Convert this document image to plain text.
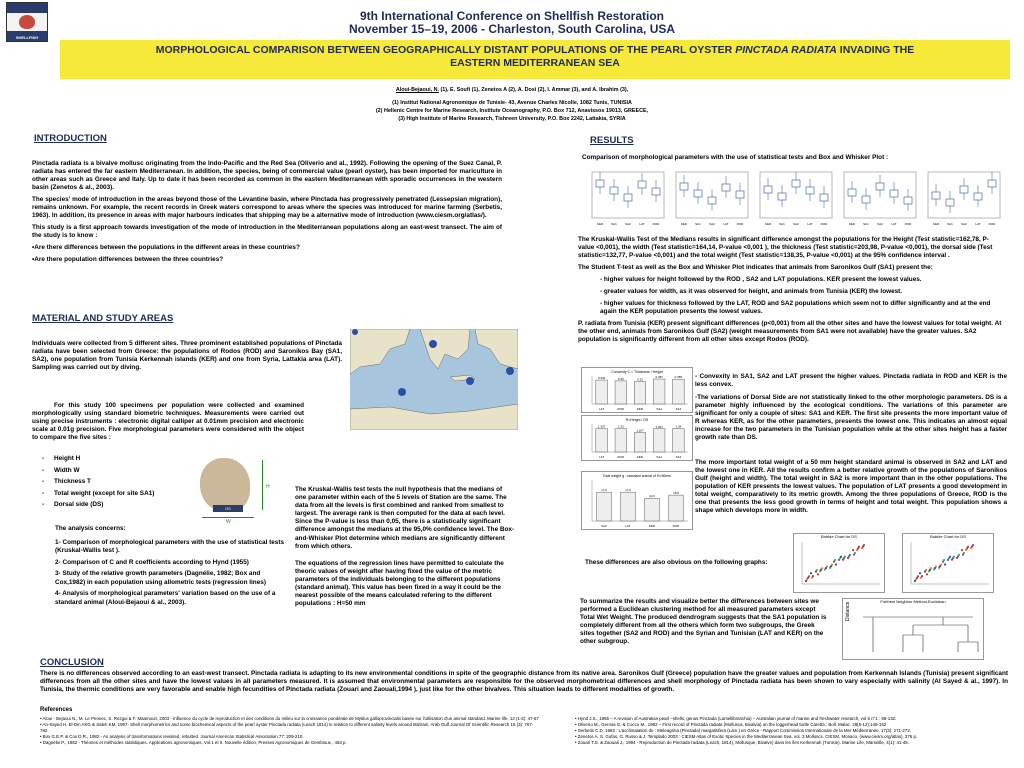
SHELLFISH
9th International Conference on Shellfish Restoration
November 15–19, 2006 - Charleston, South Carolina, USA
MORPHOLOGICAL COMPARISON BETWEEN GEOGRAPHICALLY DISTANT POPULATIONS OF THE PEARL OYSTER PINCTADA RADIATA INVADING THE
EASTERN MEDITERRANEAN SEA
Aloui-Bejaoui, N. (1), E. Soufi (1), Zenetos A (2), A. Dosi (2), I. Ammar (3), and A. Ibrahim (3),
(1) Institut National Agronomique de Tunisie- 43, Avenue Charles Nicolle, 1082 Tunis, TUNISIA
(2) Hellenic Centre for Marine Research, Institute Oceanography, P.O. Box 712, Anavissos 19013, GREECE,
(3) High Institute of Marine Research, Tishreen University, P.O. Box 2242, Lattakia, SYRIA
INTRODUCTION

Pinctada radiata is a bivalve mollusc originating from the Indo-Pacific and the Red Sea (Oliverio and al., 1992). Following the opening of the Suez Canal, P. radiata has entered the far eastern Mediterranean. In addition, the species, being of commercial value (pearl oyster), has been imported for mariculture in other areas such as Greece and Italy. Up to date it has been recorded as common in the eastern Mediterranean with sporadic occurrences in the western basin (Zenetos & al., 2003).

The species' mode of introduction in the areas beyond those of the Levantine basin, where Pinctada has progressively penetrated (Lessepsian migration), remains unknown. For example, the recent records in Greek waters correspond to areas where the species was introduced for marine farming (Serbetis, 1963). In addition, its presence in areas with major harbours indicates that shipping may be a alternative mode of introduction (www.ciesm.org/atlas/).

This study is a first approach towards investigation of the mode of introduction in the Mediterranean populations along an east-west transect. The aim of the study is to know :

•Are there differences between the populations in the different areas in these countries?

•Are there population differences between the three countries?

MATERIAL AND STUDY AREAS
Individuals were collected from 5 different sites. Three prominent established populations of Pinctada radiata have been selected from Greece: the populations of Rodos (ROD) and Saronikos Bay (SA1, SA2), one population from Tunisia Kerkennah islands (KER) and one from Syria, Lattakia area (LAT). Sampling was carried out by diving.
For this study 100 specimens per population were collected and examined morphologically using standard biometric techniques. Measurements were carried out using precise instruments : electronic digital calliper at 0.01mm precision and electronic scale at 0.01g precision. Five morphological parameters were considered with the object to compare the five sites :
- Height H
- Width W
- Thickness T
- Total weight (except for site SA1)
- Dorsal side (DS)
DS
H
W
The analysis concerns:
1- Comparison of morphological parameters with the use of statistical tests (Kruskal-Wallis test ).
2- Comparison of C and R coefficients according to Hynd (1955)
3- Study of the relative growth parameters (Dagnélie, 1982; Box and Cox,1982) in each population using allometric tests (regression lines)
4- Analysis of morphological parameters' variation based on the use of a standard animal (Aloui-Bejaoui & al., 2003).
The Kruskal-Wallis test tests the null hypothesis that the medians of one parameter within each of the 5 levels of Station are the same. The data from all the levels is first combined and ranked from smallest to largest. The average rank is then computed for the data at each level. Since the P-value is less than 0,05, there is a statistically significant difference amongst the medians at the 95,0% confidence level. The Box-and-Whisker Plot determine which medians are significantly different from which others.
The equations of the regression lines have permitted to calculate the theoric values of weight after having fixed the value of the metric parameters of the individuals belonging to the different populations (standard animal). This value has been fixed in a way it could be the nearest possible of the means calculated refering to the different populations : H=50 mm
RESULTS
Comparison of morphological parameters with the use of statistical tests and Box and Whisker Plot :
KER	SA1	SA2	LAT	ROD	KER	SA1	SA2	LAT	ROD	KER	SA1	SA2	LAT	ROD	KER	SA1	SA2	LAT	ROD	KER	SA1	SA2	LAT	ROD

The Kruskal-Wallis Test of the Medians results in significant difference amongst the populations for the Height (Test statistic=162,78, P-value <0,001), the width (Test statistic=164,14, P-value <0,001 ), the thickness (Test statistic=203,98, P-value <0,001), the dorsal side (Test statistic=132,77, P-value <0,001) and the total weight (Test statistic=138,35, P-value <0,001) at the 95% confidence interval .

The Student T-test as well as the Box and Whisker Plot indicates that animals from Saronikos Gulf (SA1) present the:

- higher values for height followed by the ROD , SA2 and LAT populations. KER present the lowest values.

- greater values for width, as it was observed for height, and animals from Tunisia (KER) the lowest.

- higher values for thickness followed by the LAT, ROD and SA2 populations which seem not to differ significantly and at the end again the KER population presents the lowest values.

P. radiata from Tunisia (KER) present significant differences (p<0,001) from all the other sites and have the lowest values for total weight. At the other end, animals from Saronikos Gulf (SA2) (weight measurements from SA1 were not available) have the greater values. SA2 population is significantly different from all other sites except Rodos (ROD).

Convexity C = Thickness / Height
0.342
LAT
0.33
ROD
0.32
KER
0.357
SA1
0.355
SA2
R=Height / DS
1,337
LAT
1,33
ROD
1,107
KER
1,327
SA1
1,34
SA2
Total weight g : standard animal of H=50mm
17,6
SA2
17,6
LAT
13,9
KER
15,8
ROD
- Convexity in SA1, SA2 and LAT present the higher values. Pinctada radiata in ROD and KER is the less convex.
-The variations of Dorsal Side are not statistically linked to the other morphologic parameters. DS is a parameter highly influenced by the ecological conditions. The variations of this parameter are significant for only a couple of sites: SA1 and KER. The first site presents the more important value of R whereas KER, as for the other parameters, presents the lowest one. This indicates an almost equal increase for the two parameters in the Tunisian population while at the other sites height has a faster growth rate than DS.
The more important total weight of a 50 mm height standard animal is observed in SA2 and LAT and the lowest one in KER. All the results confirm a better relative growth of the populations of Saronikos Gulf (height and width). The total weight in SA2 is more important than in the other populations. The population of KER presents the lowest values. The population of LAT presents a good development in total weight, comparatively to its metric growth. Among the three populations of Greece, ROD is the one that presents the less good growth in terms of height and total weight. This population shows a shape which develops more in width.
These differences are also obvious on the following graphs:
Bubble Chart for DS	Bubble Chart for DS
To summarize the results and visualize better the differences between sites we performed a Euclidean clustering method for all measured parameters except Total Wet Weight. The produced dendrogram suggests that the SA1 population is completely different from all the others which form two subgroups, the Greek sites together (SA2 and ROD) and the Syrian and Tunisian (LAT and KER) on the other subgroup.
Furthest Neighbor Method,Euclidean
Distance
CONCLUSION
There is no differences observed according to an east-west transect. Pinctada radiata is adapting to its new environmental conditions in spite of the geographic distance from its native area. Saronikos Gulf (Greece) population have the greater values and population from Kerkennah Islands (Tunisia) present significant differences from all the other sites and have the lowest values in all parameters measured. It is assumed that environmental parameters are responsible for the observed morphometrical differences and shell morphology of Pinctada radiata has been shown to vary especially with salinity (Al Sayed & al., 1997). In Tunisia, the thermic conditions are very favorable and enable high fecundities of Pinctada radiata (Zouari and Zaouali,1994 ), just like for the other bivalves. This situation leads to different modalities of growth.
References
• Aloui - Bejaoui N., M. Le Pennec, S. Rezgui & F. Maamouri, 2003 - Influence du cycle de reproduction et des conditions du milieu sur la croissance pondérale de Mytilus galloprovincialis basée sur l'utilisation d'un animal standard. Marine life, 13 (1-2): 47-57
• An-Sayed H, El-Din AKG & Saleh KM, 1997- Shell morphometrics and some biochemical aspects of the pearl oyster Pinctada radiata (Leach 1814) in relation to different salinity levels around Bahrain. Arab Gulf Journal Of Scientific Research 15 (3): 767-782.
• Box G.E.P. & Cox D.R., 1982 - An analysis of transformations revisited, rebutted. Journal American Statistical Association 77: 209-210.
• Dagnélie P., 1982 - Théories et méthodes statistiques. Applications agronomiques, Vol.1 et II. Nouvelle édition, Presses Agronomiques de Gembloux , 463 p.
• Hynd J.S., 1955 – A revision of Australian pearl –shells, genus Pinctada (Lamellibranchia) – Australian journal of marine and freshwater research, vol 6 n°1 : 98-132.
• Oliverio M., Gerosa G. & Cocco M., 1992 – First record of Pinctada radiata (Mollusca, Bivalvia) on the loggerhead turtle Caretta ; Boll. Malac. 28(5-12):149-152
• Serbetis C.D. 1963 : L'acclimatation de : Meleagrina (Pinctada) margaritifera (Lam.) en Grèce - Rapport Commission Internationale de la Mer Méditerranée, 17(3): 271-272.
• Zenetos A. S. Gofas, G. Russo & J. Templado 2003 : CIESM Atlas of Exotic Species in the Mediterranean Sea, vol. 3 Molluscs. CIESM, Monaco, (www.ciesm.org/atlas), 376 p.
• Zouari T.S. & Zaouali J., 1994 - Reproduction de Pinctada radiata (Leach, 1814), Mollusque, Bivalve) dans les îles Kerkennah (Tunisie). Marine Life, Marseille, 4(1): 41-45.
